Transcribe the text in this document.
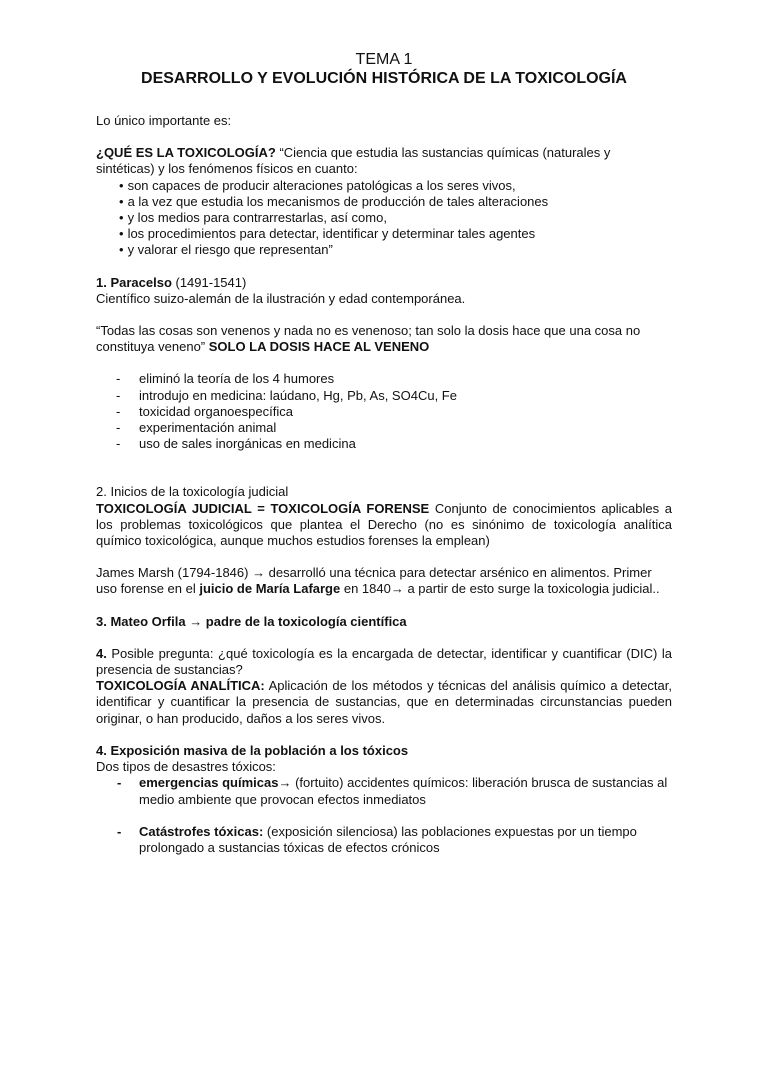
TEMA 1
DESARROLLO Y EVOLUCIÓN HISTÓRICA DE LA TOXICOLOGÍA

Lo único importante es:

¿QUÉ ES LA TOXICOLOGÍA? “Ciencia que estudia las sustancias químicas (naturales y sintéticas) y los fenómenos físicos en cuanto:

• son capaces de producir alteraciones patológicas a los seres vivos,
• a la vez que estudia los mecanismos de producción de tales alteraciones
• y los medios para contrarrestarlas, así como,
• los procedimientos para detectar, identificar y determinar tales agentes
• y valorar el riesgo que representan”

1. Paracelso (1491-1541)

Científico suizo-alemán de la ilustración y edad contemporánea.

“Todas las cosas son venenos y nada no es venenoso; tan solo la dosis hace que una cosa no constituya veneno” SOLO LA DOSIS HACE AL VENENO

- eliminó la teoría de los 4 humores
- introdujo en medicina: laúdano, Hg, Pb, As, SO4Cu, Fe
- toxicidad organoespecífica
- experimentación animal
- uso de sales inorgánicas en medicina

2. Inicios de la toxicología judicial

TOXICOLOGÍA JUDICIAL = TOXICOLOGÍA FORENSE Conjunto de conocimientos aplicables a los problemas toxicológicos que plantea el Derecho (no es sinónimo de toxicología analítica químico toxicológica, aunque muchos estudios forenses la emplean)

James Marsh (1794-1846) → desarrolló una técnica para detectar arsénico en alimentos. Primer uso forense en el juicio de María Lafarge en 1840→ a partir de esto surge la toxicologia judicial..

3. Mateo Orfila → padre de la toxicología científica

4. Posible pregunta: ¿qué toxicología es la encargada de detectar, identificar y cuantificar (DIC) la presencia de sustancias?

TOXICOLOGÍA ANALÍTICA: Aplicación de los métodos y técnicas del análisis químico a detectar, identificar y cuantificar la presencia de sustancias, que en determinadas circunstancias pueden originar, o han producido, daños a los seres vivos.

4. Exposición masiva de la población a los tóxicos

Dos tipos de desastres tóxicos:

- emergencias químicas→ (fortuito) accidentes químicos: liberación brusca de sustancias al medio ambiente que provocan efectos inmediatos
- Catástrofes tóxicas: (exposición silenciosa) las poblaciones expuestas por un tiempo prolongado a sustancias tóxicas de efectos crónicos
